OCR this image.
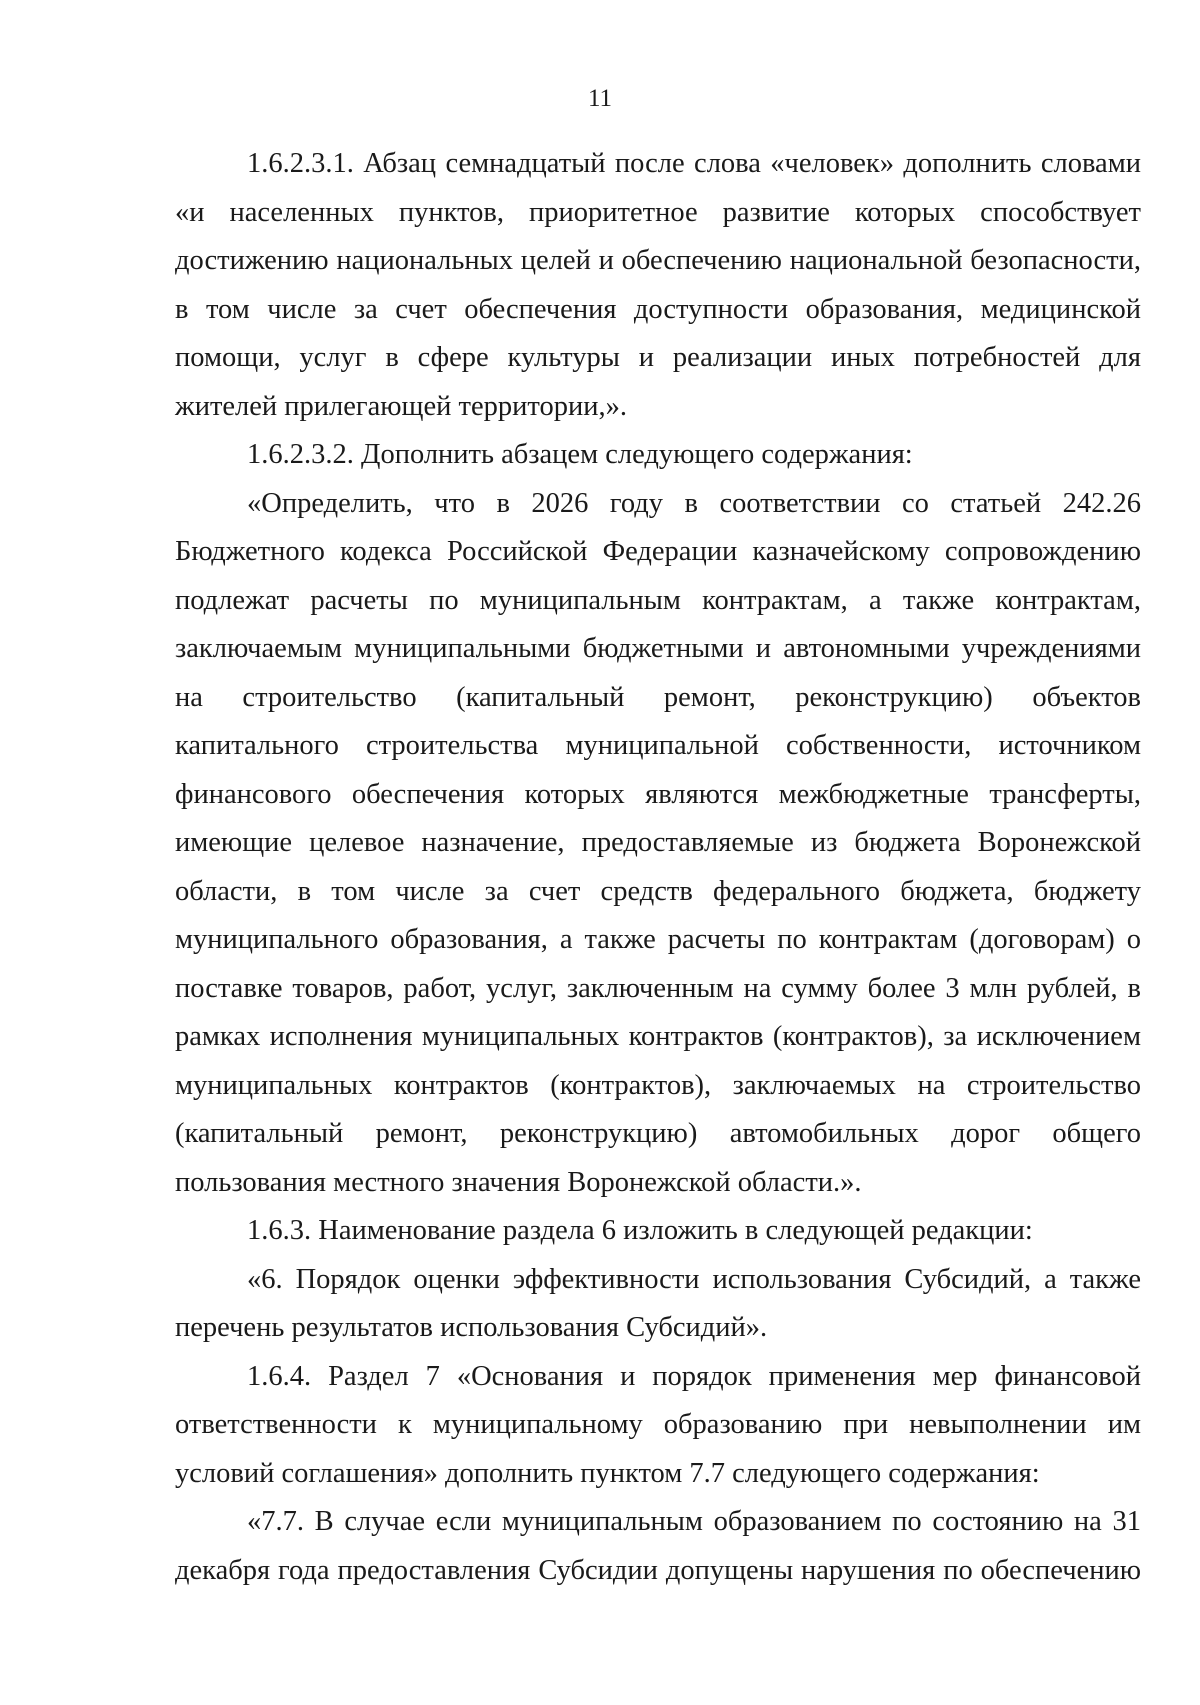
11

1.6.2.3.1. Абзац семнадцатый после слова «человек» дополнить словами «и населенных пунктов, приоритетное развитие которых способствует достижению национальных целей и обеспечению национальной безопасности, в том числе за счет обеспечения доступности образования, медицинской помощи, услуг в сфере культуры и реализации иных потребностей для жителей прилегающей территории,».

1.6.2.3.2. Дополнить абзацем следующего содержания:

«Определить, что в 2026 году в соответствии со статьей 242.26 Бюджетного кодекса Российской Федерации казначейскому сопровождению подлежат расчеты по муниципальным контрактам, а также контрактам, заключаемым муниципальными бюджетными и автономными учреждениями на строительство (капитальный ремонт, реконструкцию) объектов капитального строительства муниципальной собственности, источником финансового обеспечения которых являются межбюджетные трансферты, имеющие целевое назначение, предоставляемые из бюджета Воронежской области, в том числе за счет средств федерального бюджета, бюджету муниципального образования, а также расчеты по контрактам (договорам) о поставке товаров, работ, услуг, заключенным на сумму более 3 млн рублей, в рамках исполнения муниципальных контрактов (контрактов), за исключением муниципальных контрактов (контрактов), заключаемых на строительство (капитальный ремонт, реконструкцию) автомобильных дорог общего пользования местного значения Воронежской области.».

1.6.3. Наименование раздела 6 изложить в следующей редакции:

«6. Порядок оценки эффективности использования Субсидий, а также перечень результатов использования Субсидий».

1.6.4. Раздел 7 «Основания и порядок применения мер финансовой ответственности к муниципальному образованию при невыполнении им условий соглашения» дополнить пунктом 7.7 следующего содержания:

«7.7. В случае если муниципальным образованием по состоянию на 31 декабря года предоставления Субсидии допущены нарушения по обеспечению
